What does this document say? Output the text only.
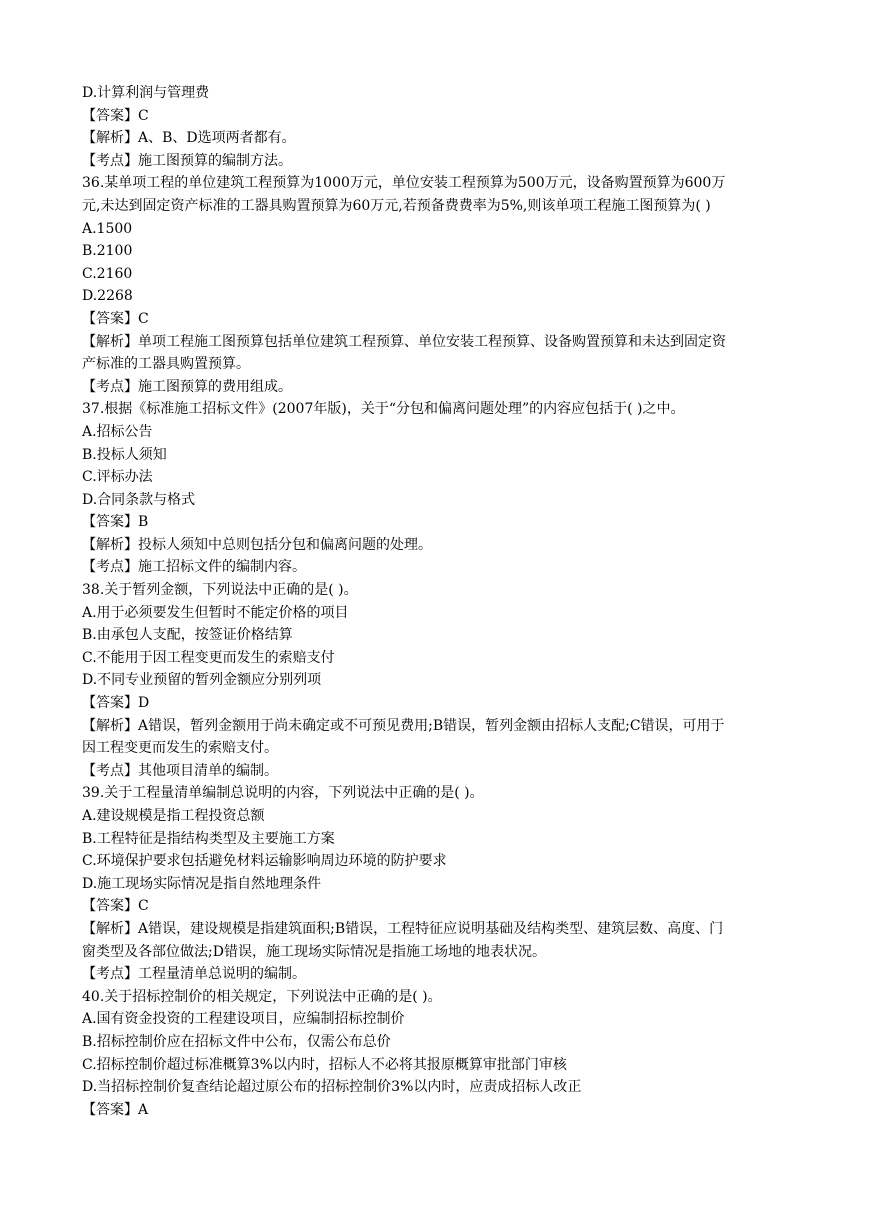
D.计算利润与管理费
【答案】C
【解析】A、B、D选项两者都有。
【考点】施工图预算的编制方法。
36.某单项工程的单位建筑工程预算为1000万元，单位安装工程预算为500万元，设备购置预算为600万
元,未达到固定资产标准的工器具购置预算为60万元,若预备费费率为5%,则该单项工程施工图预算为( )
A.1500
B.2100
C.2160
D.2268
【答案】C
【解析】单项工程施工图预算包括单位建筑工程预算、单位安装工程预算、设备购置预算和未达到固定资
产标准的工器具购置预算。
【考点】施工图预算的费用组成。
37.根据《标准施工招标文件》(2007年版)，关于“分包和偏离问题处理”的内容应包括于( )之中。
A.招标公告
B.投标人须知
C.评标办法
D.合同条款与格式
【答案】B
【解析】投标人须知中总则包括分包和偏离问题的处理。
【考点】施工招标文件的编制内容。
38.关于暂列金额，下列说法中正确的是( )。
A.用于必须要发生但暂时不能定价格的项目
B.由承包人支配，按签证价格结算
C.不能用于因工程变更而发生的索赔支付
D.不同专业预留的暂列金额应分别列项
【答案】D
【解析】A错误，暂列金额用于尚未确定或不可预见费用;B错误，暂列金额由招标人支配;C错误，可用于
因工程变更而发生的索赔支付。
【考点】其他项目清单的编制。
39.关于工程量清单编制总说明的内容，下列说法中正确的是( )。
A.建设规模是指工程投资总额
B.工程特征是指结构类型及主要施工方案
C.环境保护要求包括避免材料运输影响周边环境的防护要求
D.施工现场实际情况是指自然地理条件
【答案】C
【解析】A错误，建设规模是指建筑面积;B错误，工程特征应说明基础及结构类型、建筑层数、高度、门
窗类型及各部位做法;D错误，施工现场实际情况是指施工场地的地表状况。
【考点】工程量清单总说明的编制。
40.关于招标控制价的相关规定，下列说法中正确的是( )。
A.国有资金投资的工程建设项目，应编制招标控制价
B.招标控制价应在招标文件中公布，仅需公布总价
C.招标控制价超过标准概算3%以内时，招标人不必将其报原概算审批部门审核
D.当招标控制价复查结论超过原公布的招标控制价3%以内时，应责成招标人改正
【答案】A
